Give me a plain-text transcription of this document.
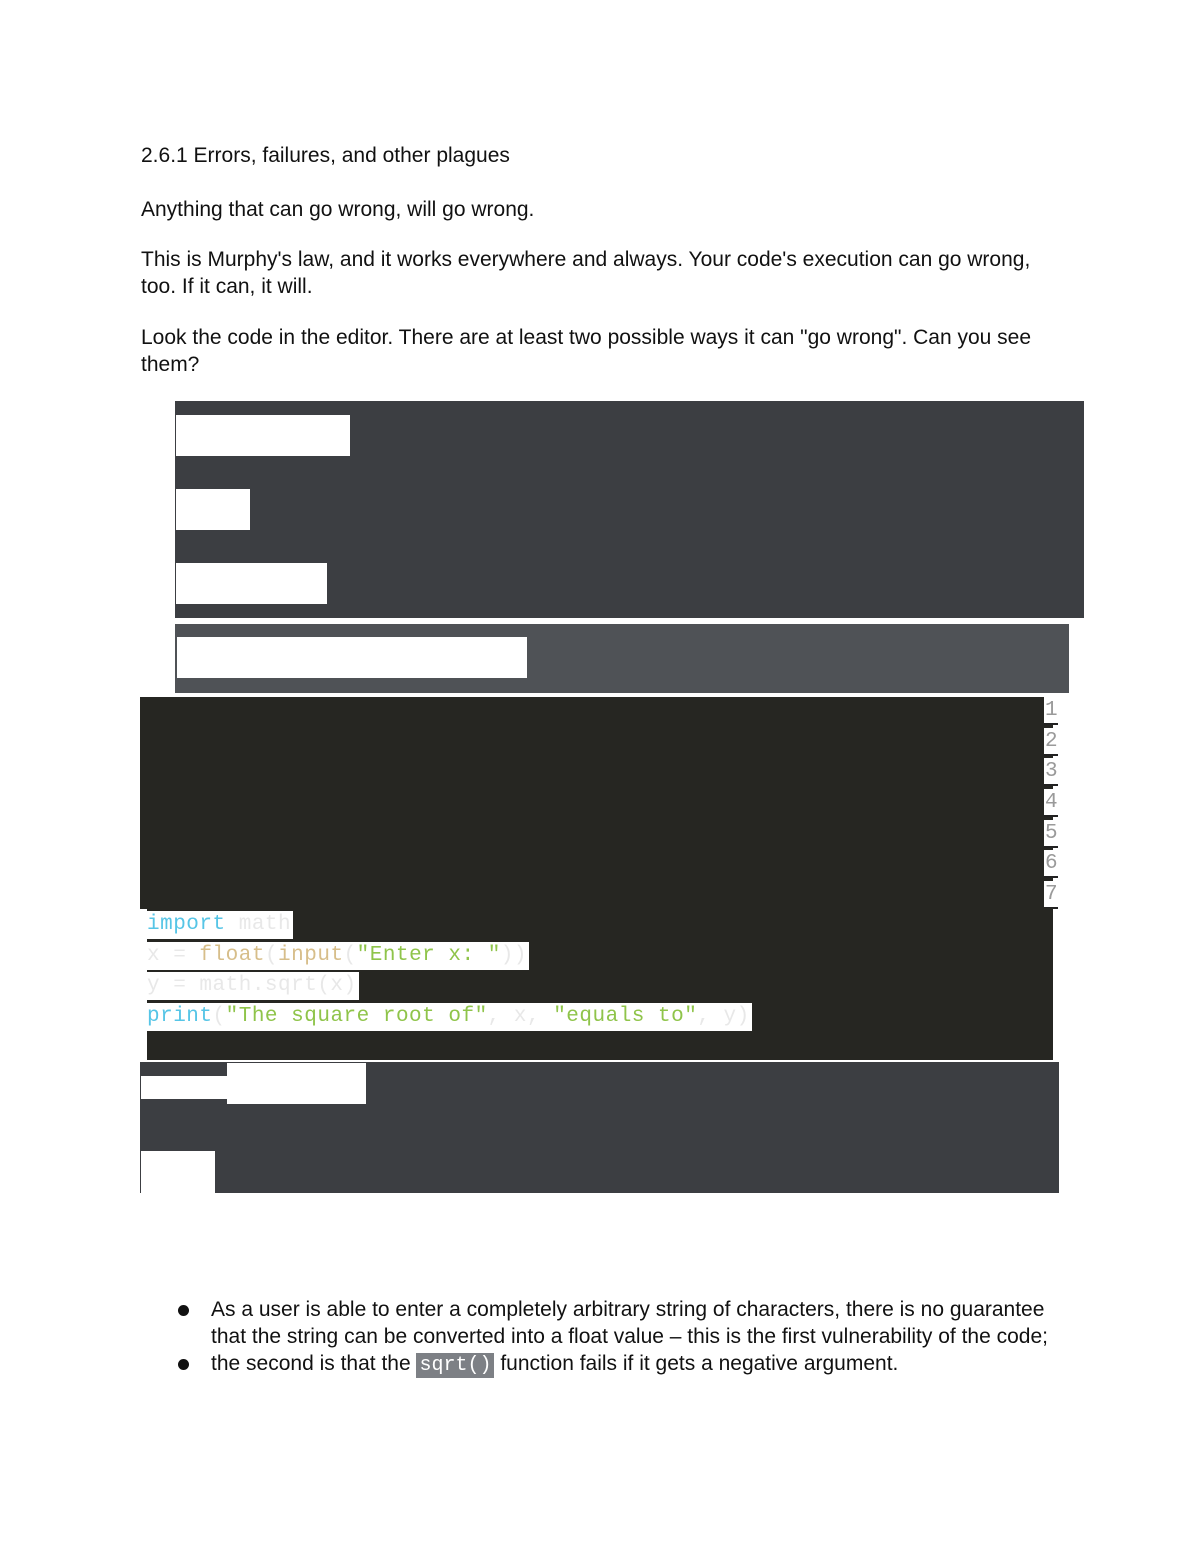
2.6.1 Errors, failures, and other plagues

Anything that can go wrong, will go wrong.

This is Murphy's law, and it works everywhere and always. Your code's execution can go wrong, too. If it can, it will.

Look the code in the editor. There are at least two possible ways it can "go wrong". Can you see them?

1
2
3
4
5
6
7
import math
x = float(input("Enter x: "))
y = math.sqrt(x)
print("The square root of", x, "equals to", y)
As a user is able to enter a completely arbitrary string of characters, there is no guarantee that the string can be converted into a float value – this is the first vulnerability of the code;
the second is that the sqrt() function fails if it gets a negative argument.
